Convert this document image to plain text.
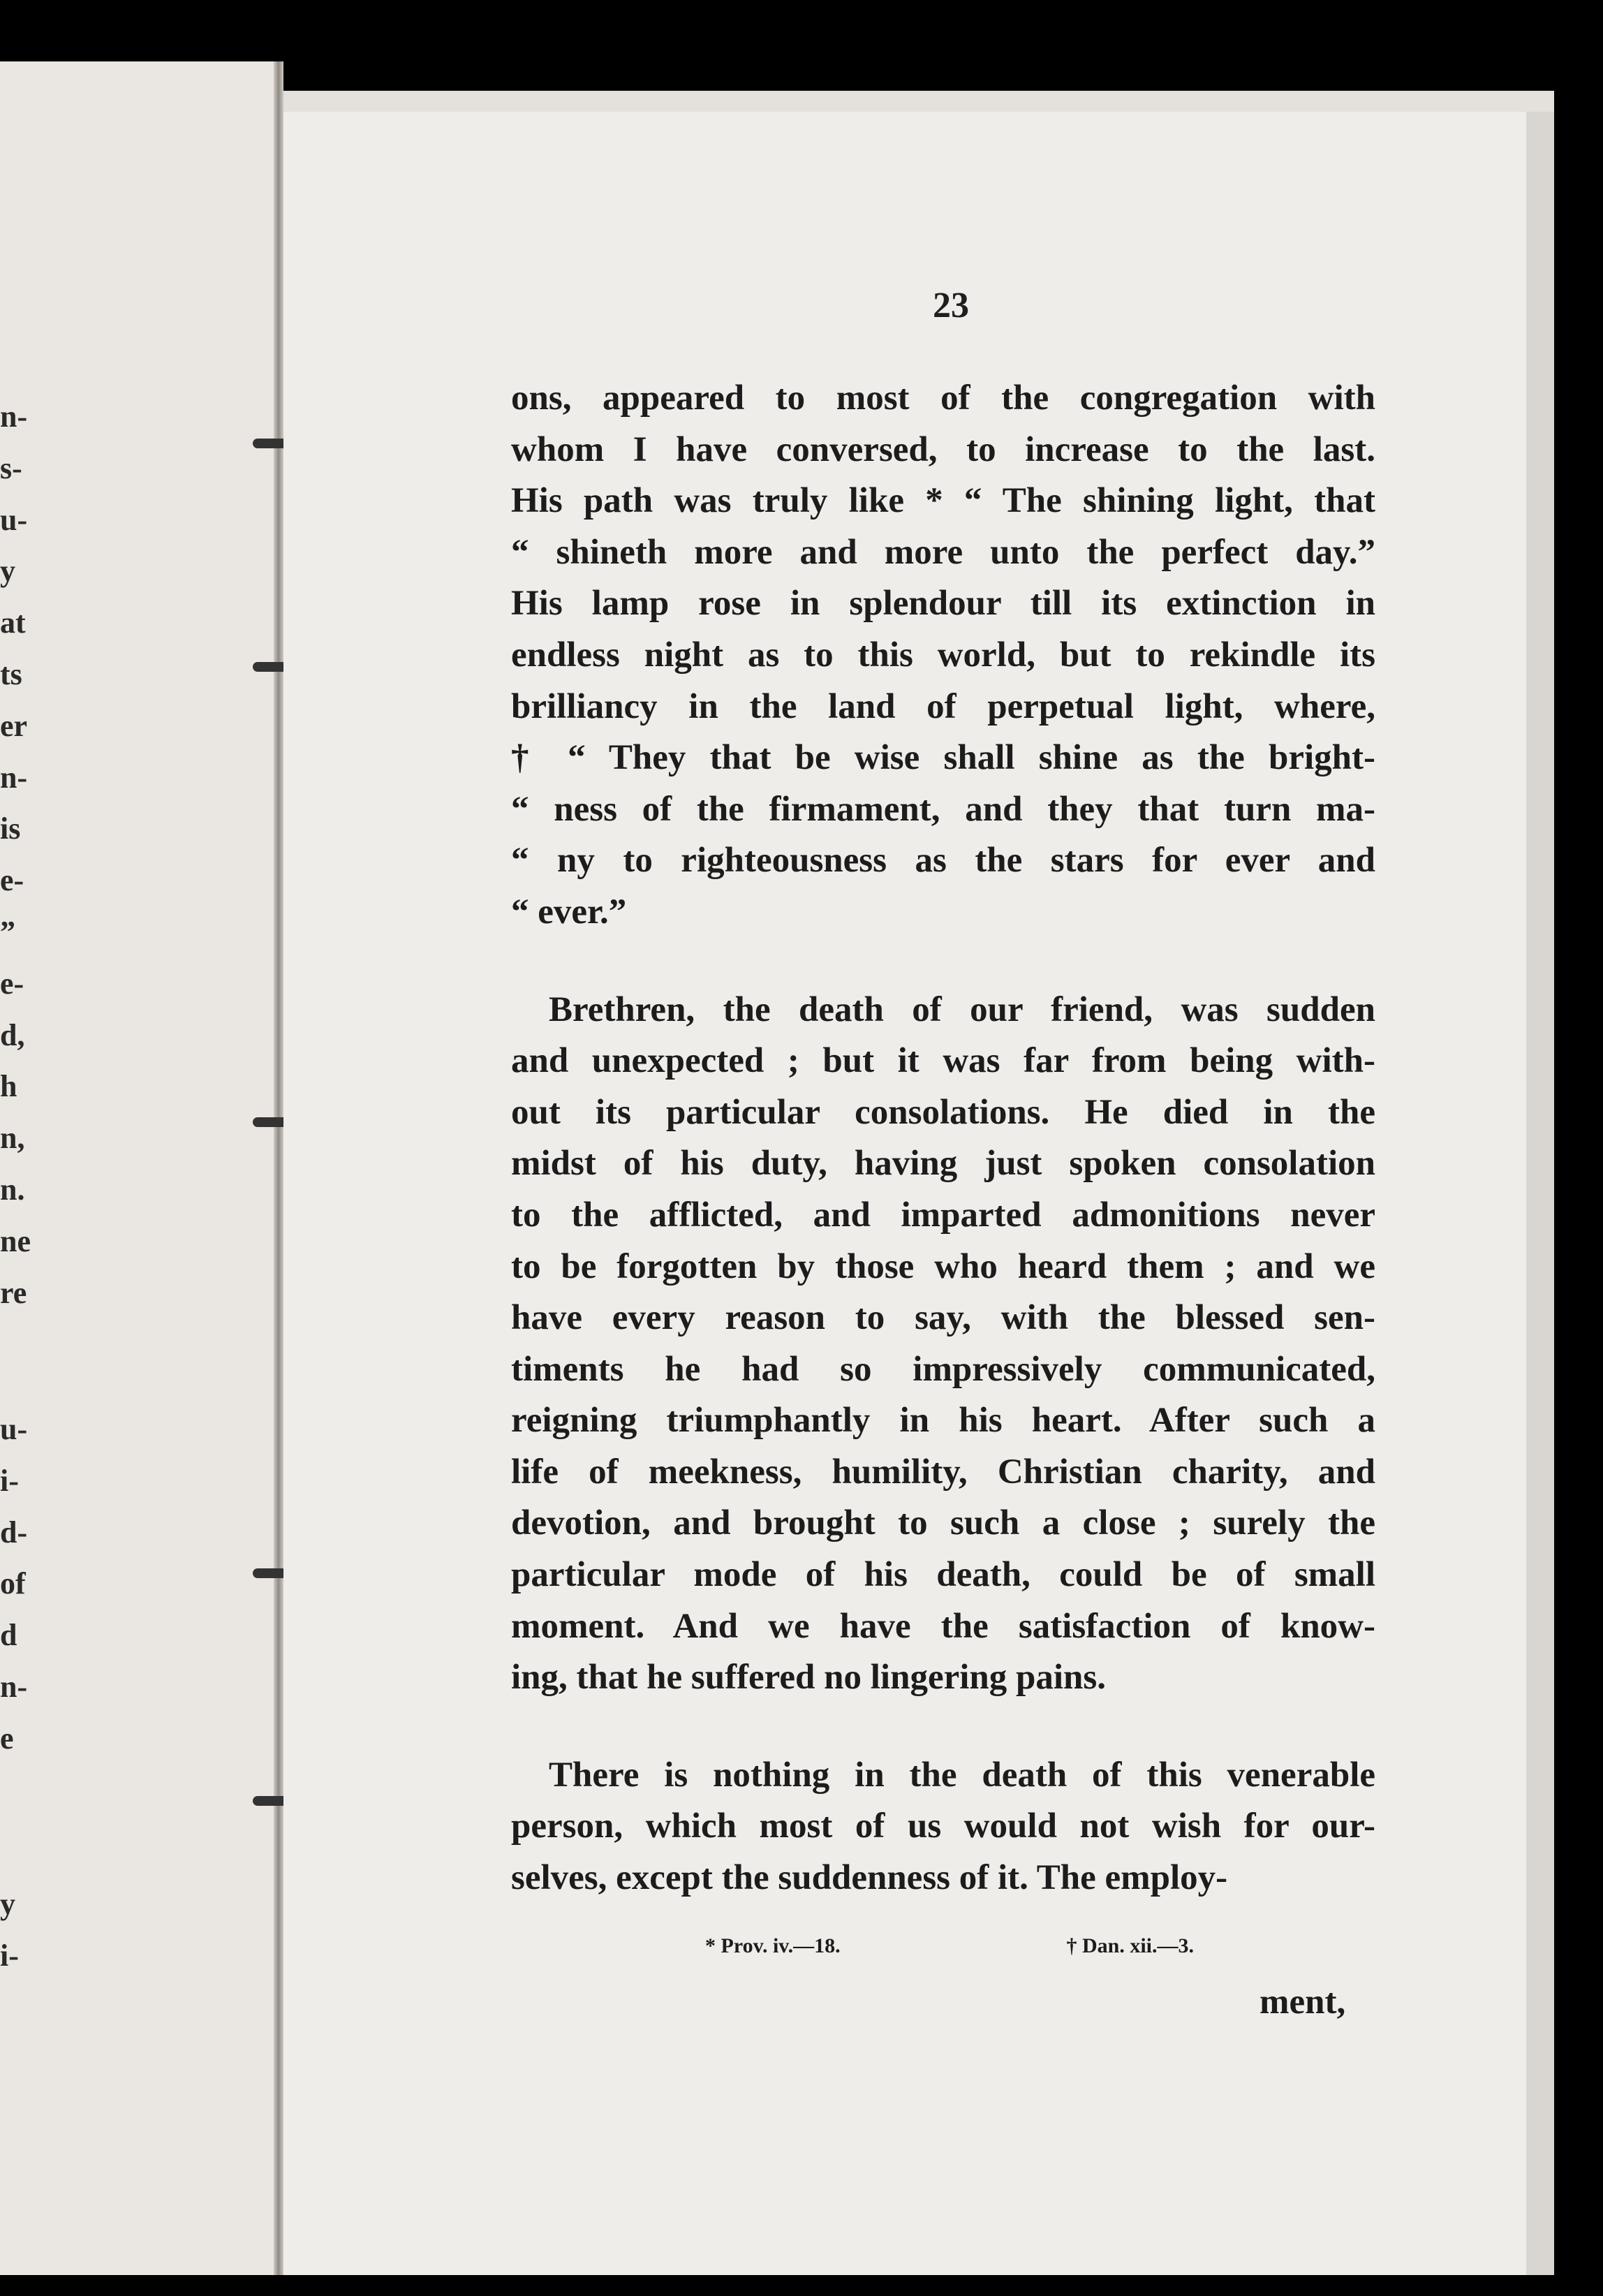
n-
s-
u-
y
at
ts
er
n-
is
e-
”
e-
d,
h
n,
n.
ne
re
u-
i-
d-
of
d
n-
e
y
i-
23
ons, appeared to most of the congregation with
whom I have conversed, to increase to the last.
His path was truly like * “ The shining light, that
“ shineth more and more unto the perfect day.”
His lamp rose in splendour till its extinction in
endless night as to this world, but to rekindle its
brilliancy in the land of perpetual light, where,
† “ They that be wise shall shine as the bright-
“ ness of the firmament, and they that turn ma-
“ ny to righteousness as the stars for ever and
“ ever.”
Brethren, the death of our friend, was sudden
and unexpected ; but it was far from being with-
out its particular consolations. He died in the
midst of his duty, having just spoken consolation
to the afflicted, and imparted admonitions never
to be forgotten by those who heard them ; and we
have every reason to say, with the blessed sen-
timents he had so impressively communicated,
reigning triumphantly in his heart. After such a
life of meekness, humility, Christian charity, and
devotion, and brought to such a close ; surely the
particular mode of his death, could be of small
moment. And we have the satisfaction of know-
ing, that he suffered no lingering pains.
There is nothing in the death of this venerable
person, which most of us would not wish for our-
selves, except the suddenness of it. The employ-
* Prov. iv.—18.	† Dan. xii.—3.
ment,
